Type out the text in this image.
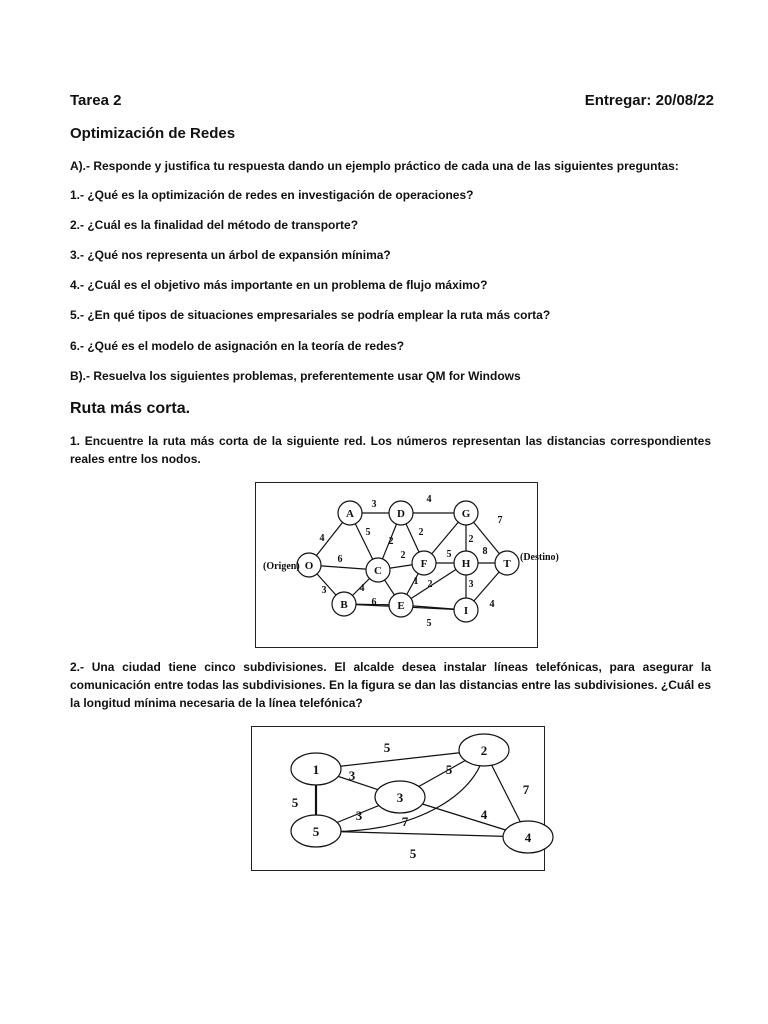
Tarea 2	Entregar: 20/08/22
Optimización de Redes
A).- Responde y justifica tu respuesta dando un ejemplo práctico de cada una de las siguientes preguntas:
1.- ¿Qué es la optimización de redes en investigación de operaciones?
2.- ¿Cuál es la finalidad del método de transporte?
3.- ¿Qué nos representa un árbol de expansión mínima?
4.- ¿Cuál es el objetivo más importante en un problema de flujo máximo?
5.- ¿En qué tipos de situaciones empresariales se podría emplear la ruta más corta?
6.- ¿Qué es el modelo de asignación en la teoría de redes?
B).- Resuelva los siguientes problemas, preferentemente usar QM for Windows
Ruta más corta.
1. Encuentre la ruta más corta de la siguiente red. Los números representan las distancias correspondientes reales entre los nodos.
O
A
B
C
D
E
F
G
H
I
T
(Origen)
(Destino)
4
6
3
3
5
4
6
2
4
2
2
1 2
5
7
2
8
3
4
5
2.- Una ciudad tiene cinco subdivisiones. El alcalde desea instalar líneas telefónicas, para asegurar la comunicación entre todas las subdivisiones. En la figura se dan las distancias entre las subdivisiones. ¿Cuál es la longitud mínima necesaria de la línea telefónica?
1
2
3
4
5
5
3	5
5
3	7	4
7
5
